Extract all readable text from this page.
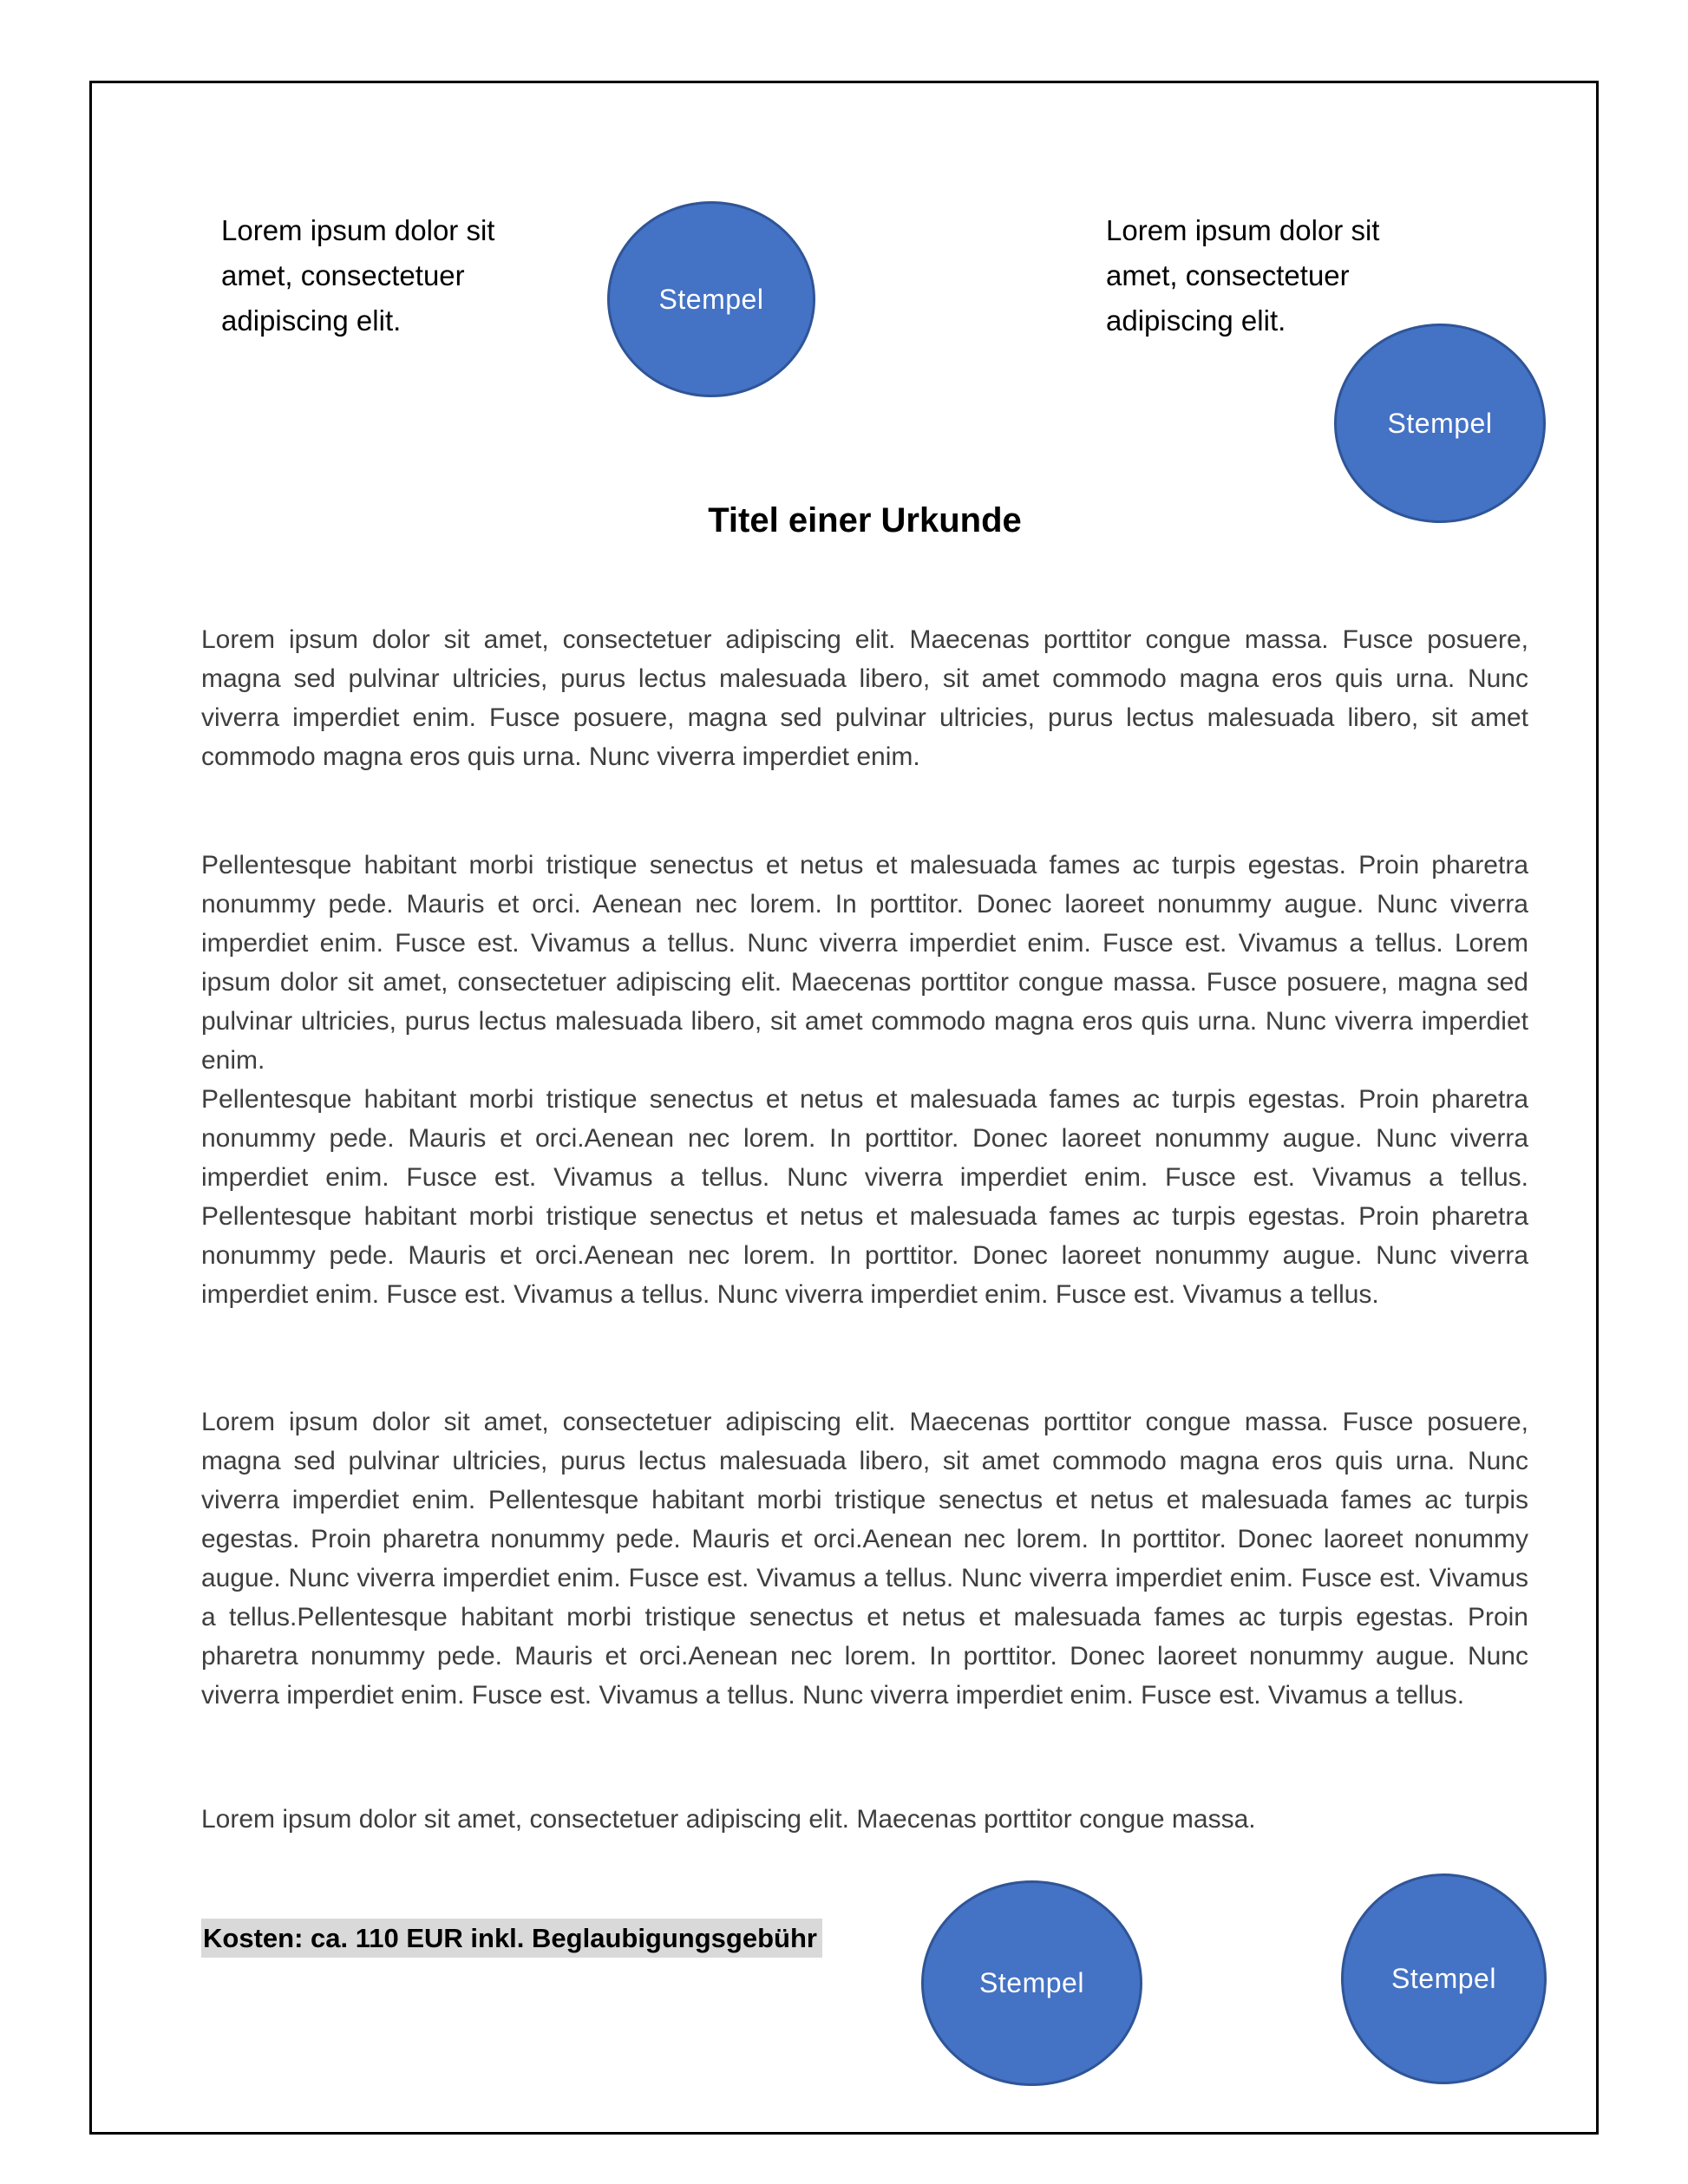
Lorem ipsum dolor sit amet, consectetuer adipiscing elit.
Lorem ipsum dolor sit amet, consectetuer adipiscing elit.
Stempel
Stempel
Titel einer Urkunde

Lorem ipsum dolor sit amet, consectetuer adipiscing elit. Maecenas porttitor congue massa. Fusce posuere, magna sed pulvinar ultricies, purus lectus malesuada libero, sit amet commodo magna eros quis urna. Nunc viverra imperdiet enim. Fusce posuere, magna sed pulvinar ultricies, purus lectus malesuada libero, sit amet commodo magna eros quis urna. Nunc viverra imperdiet enim.

Pellentesque habitant morbi tristique senectus et netus et malesuada fames ac turpis egestas. Proin pharetra nonummy pede. Mauris et orci. Aenean nec lorem. In porttitor. Donec laoreet nonummy augue. Nunc viverra imperdiet enim. Fusce est. Vivamus a tellus. Nunc viverra imperdiet enim. Fusce est. Vivamus a tellus. Lorem ipsum dolor sit amet, consectetuer adipiscing elit. Maecenas porttitor congue massa. Fusce posuere, magna sed pulvinar ultricies, purus lectus malesuada libero, sit amet commodo magna eros quis urna. Nunc viverra imperdiet enim.

Pellentesque habitant morbi tristique senectus et netus et malesuada fames ac turpis egestas. Proin pharetra nonummy pede. Mauris et orci.Aenean nec lorem. In porttitor. Donec laoreet nonummy augue. Nunc viverra imperdiet enim. Fusce est. Vivamus a tellus. Nunc viverra imperdiet enim. Fusce est. Vivamus a tellus. Pellentesque habitant morbi tristique senectus et netus et malesuada fames ac turpis egestas. Proin pharetra nonummy pede. Mauris et orci.Aenean nec lorem. In porttitor. Donec laoreet nonummy augue. Nunc viverra imperdiet enim. Fusce est. Vivamus a tellus. Nunc viverra imperdiet enim. Fusce est. Vivamus a tellus.

Lorem ipsum dolor sit amet, consectetuer adipiscing elit. Maecenas porttitor congue massa. Fusce posuere, magna sed pulvinar ultricies, purus lectus malesuada libero, sit amet commodo magna eros quis urna. Nunc viverra imperdiet enim. Pellentesque habitant morbi tristique senectus et netus et malesuada fames ac turpis egestas. Proin pharetra nonummy pede. Mauris et orci.Aenean nec lorem. In porttitor. Donec laoreet nonummy augue. Nunc viverra imperdiet enim. Fusce est. Vivamus a tellus. Nunc viverra imperdiet enim. Fusce est. Vivamus a tellus.Pellentesque habitant morbi tristique senectus et netus et malesuada fames ac turpis egestas. Proin pharetra nonummy pede. Mauris et orci.Aenean nec lorem. In porttitor. Donec laoreet nonummy augue. Nunc viverra imperdiet enim. Fusce est. Vivamus a tellus. Nunc viverra imperdiet enim. Fusce est. Vivamus a tellus.

Lorem ipsum dolor sit amet, consectetuer adipiscing elit. Maecenas porttitor congue massa.

Kosten: ca. 110 EUR inkl. Beglaubigungsgebühr
Stempel	Stempel
